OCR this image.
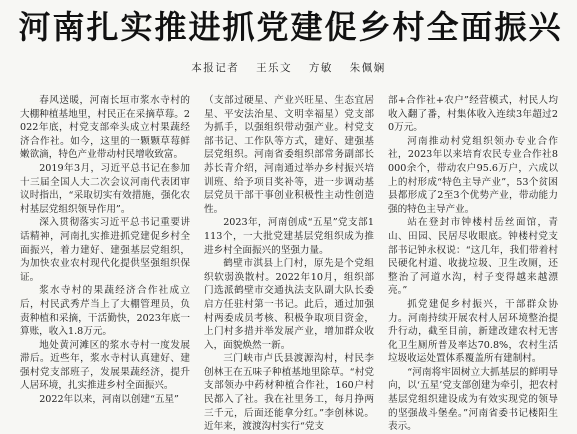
河南扎实推进抓党建促乡村全面振兴
本报记者 王乐文 方敏 朱佩娴

春风送暖，河南长垣市浆水寺村的大棚种植基地里，村民正在采摘草莓。2022年底，村党支部牵头成立村果蔬经济合作社。如今，这里的一颗颗草莓鲜嫩欲滴，特色产业带动村民增收致富。

2019年3月，习近平总书记在参加十三届全国人大二次会议河南代表团审议时指出，“采取切实有效措施，强化农村基层党组织领导作用”。

深入贯彻落实习近平总书记重要讲话精神，河南扎实推进抓党建促乡村全面振兴，着力建好、建强基层党组织，为加快农业农村现代化提供坚强组织保证。

浆水寺村的果蔬经济合作社成立后，村民武秀芹当上了大棚管理员，负责种植和采摘，干活勤快，2023年底一算账，收入1.8万元。

地处黄河滩区的浆水寺村一度发展滞后。近些年，浆水寺村认真建好、建强村党支部班子，发展果蔬经济，提升人居环境，扎实推进乡村全面振兴。

2022年以来，河南以创建“五星”

（支部过硬星、产业兴旺星、生态宜居星、平安法治星、文明幸福星）党支部为抓手，以强组织带动强产业。村党支部书记、工作队等方式，建好、建强基层党组织。河南省委组织部常务副部长苏长青介绍，河南通过举办乡村振兴培训班、给予项目奖补等，进一步调动基层党员干部干事创业积极性主动性创造性。

2023年，河南创成“五星”党支部1113个，一大批党建基层党组织成为推进乡村全面振兴的坚强力量。

鹤壁市淇县上门村，原先是个党组织软弱涣散村。2022年10月，组织部门选派鹤壁市交通执法支队副大队长委启方任驻村第一书记。此后，通过加强村两委成员考核、积极争取项目资金，上门村多措并举发展产业，增加群众收入，面貌焕然一新。

三门峡市卢氏县渡源沟村，村民李创林王在五味子种植基地里除草。“村党支部领办中药材种植合作社，160户村民都入了社。我在社里务工，每月挣两三千元，后面还能拿分红。”李创林说。近年来，渡渡沟村实行“党支

部+合作社+农户”经营模式，村民人均收入翻了番，村集体收入连续3年超过20万元。

河南推动村党组织领办专业合作社，2023年以来培育农民专业合作社8000余个，带动农户95.6万户，六成以上的村形成“特色主导产业”，53个贫困县都形成了2至3个优势产业，带动能力强的特色主导产业。

站在登封市钟楼村岳丝面馆，青山、田园、民居尽收眼底。钟楼村党支部书记钟永权说：“这几年，我们带着村民硬化村道、收拢垃圾、卫生改厕，还整治了河道水沟，村子变得越来越漂亮。”

抓党建促乡村振兴，干部群众协力。河南持续开展农村人居环境整治提升行动，截至目前，新建改建农村无害化卫生厕所普及率达70.8%，农村生活垃圾收运处置体系覆盖所有建制村。

“河南将牢固树立大抓基层的鲜明导向，以‘五星’党支部创建为牵引，把农村基层党组织建设成为有效实现党的领导的坚强战斗堡垒。”河南省委书记楼阳生表示。
